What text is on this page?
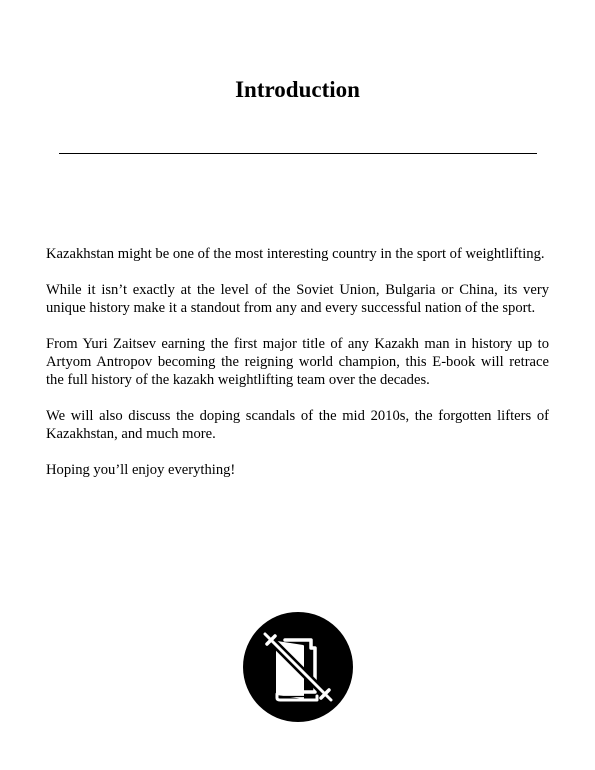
Introduction

Kazakhstan might be one of the most interesting country in the sport of weightlifting.

While it isn’t exactly at the level of the Soviet Union, Bulgaria or China, its very unique history make it a standout from any and every successful nation of the sport.

From Yuri Zaitsev earning the first major title of any Kazakh man in history up to Artyom Antropov becoming the reigning world champion, this E-book will retrace the full history of the kazakh weightlifting team over the decades.

We will also discuss the doping scandals of the mid 2010s, the forgotten lifters of Kazakhstan, and much more.

Hoping you’ll enjoy everything!
